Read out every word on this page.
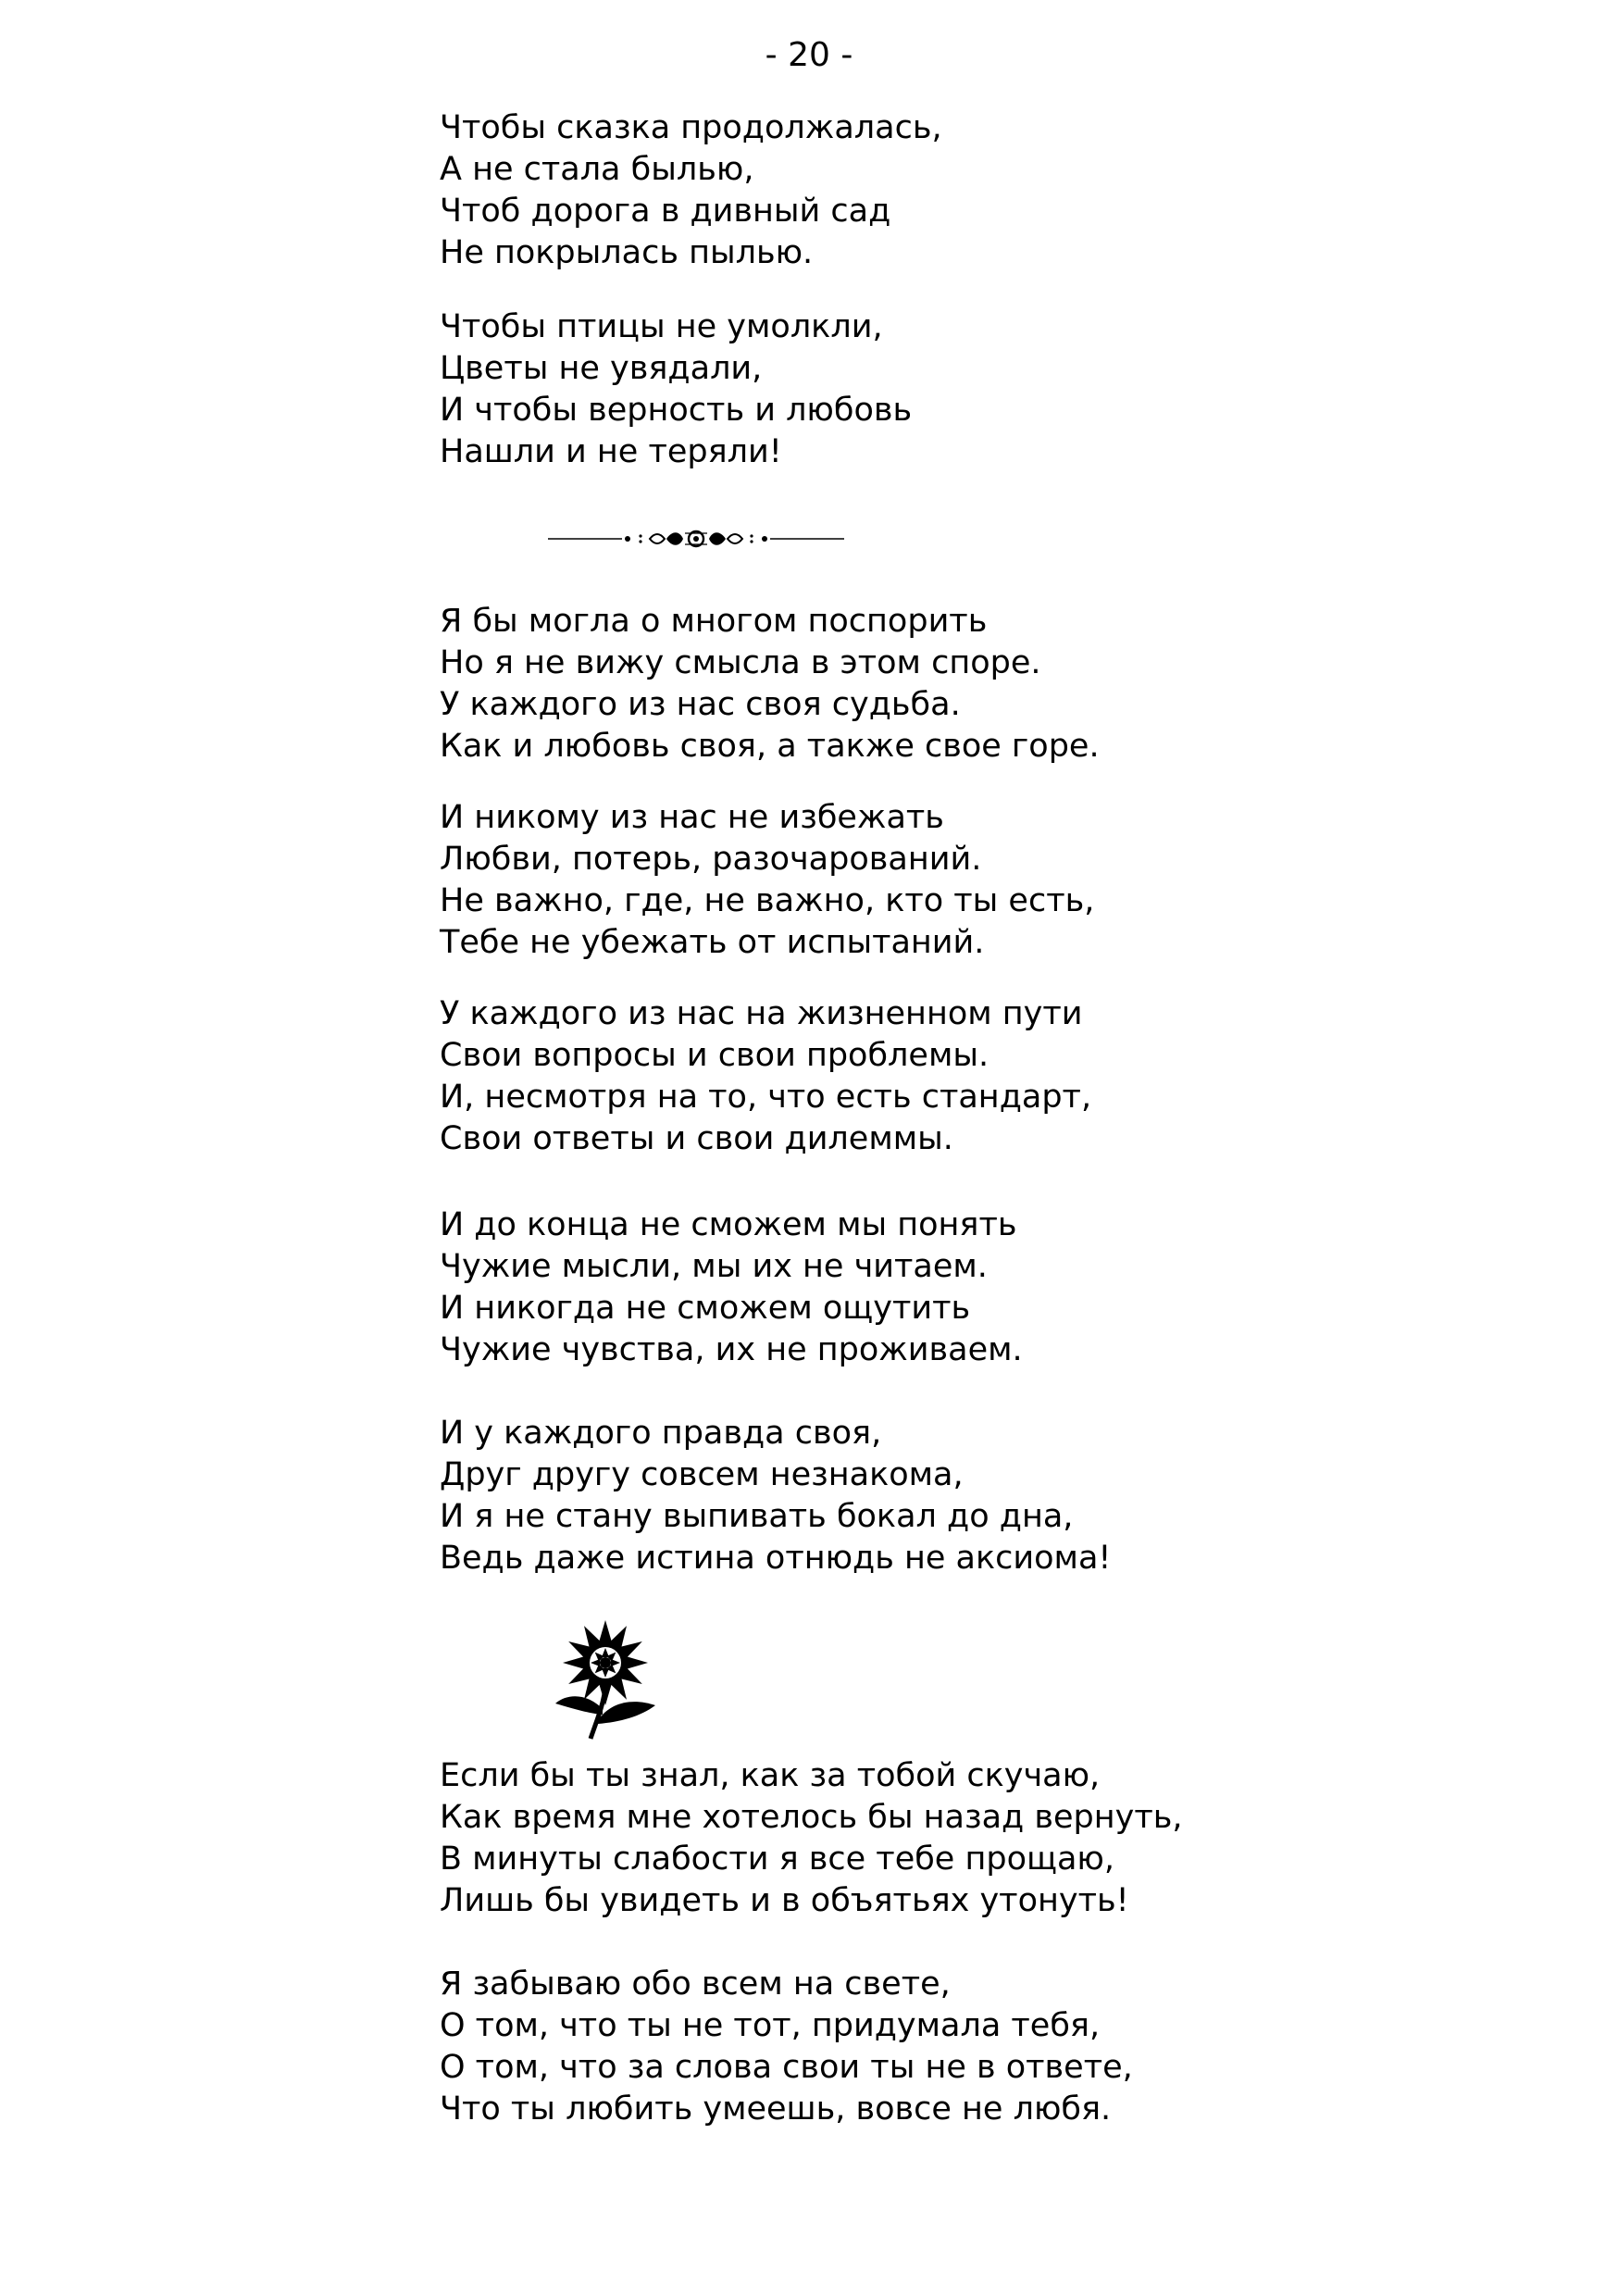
- 20 -
Чтобы сказка продолжалась,
А не стала былью,
Чтоб дорога в дивный сад
Не покрылась пылью.
Чтобы птицы не умолкли,
Цветы не увядали,
И чтобы верность и любовь
Нашли и не теряли!
Я бы могла о многом поспорить
Но я не вижу смысла в этом споре.
У каждого из нас своя судьба.
Как и любовь своя, а также свое горе.
И никому из нас не избежать
Любви, потерь, разочарований.
Не важно, где, не важно, кто ты есть,
Тебе не убежать от испытаний.
У каждого из нас на жизненном пути
Свои вопросы и свои проблемы.
И, несмотря на то, что есть стандарт,
Свои ответы и свои дилеммы.
И до конца не сможем мы понять
Чужие мысли, мы их не читаем.
И никогда не сможем ощутить
Чужие чувства, их не проживаем.
И у каждого правда своя,
Друг другу совсем незнакома,
И я не стану выпивать бокал до дна,
Ведь даже истина отнюдь не аксиома!
Если бы ты знал, как за тобой скучаю,
Как время мне хотелось бы назад вернуть,
В минуты слабости я все тебе прощаю,
Лишь бы увидеть и в объятьях утонуть!
Я забываю обо всем на свете,
О том, что ты не тот, придумала тебя,
О том, что за слова свои ты не в ответе,
Что ты любить умеешь, вовсе не любя.
